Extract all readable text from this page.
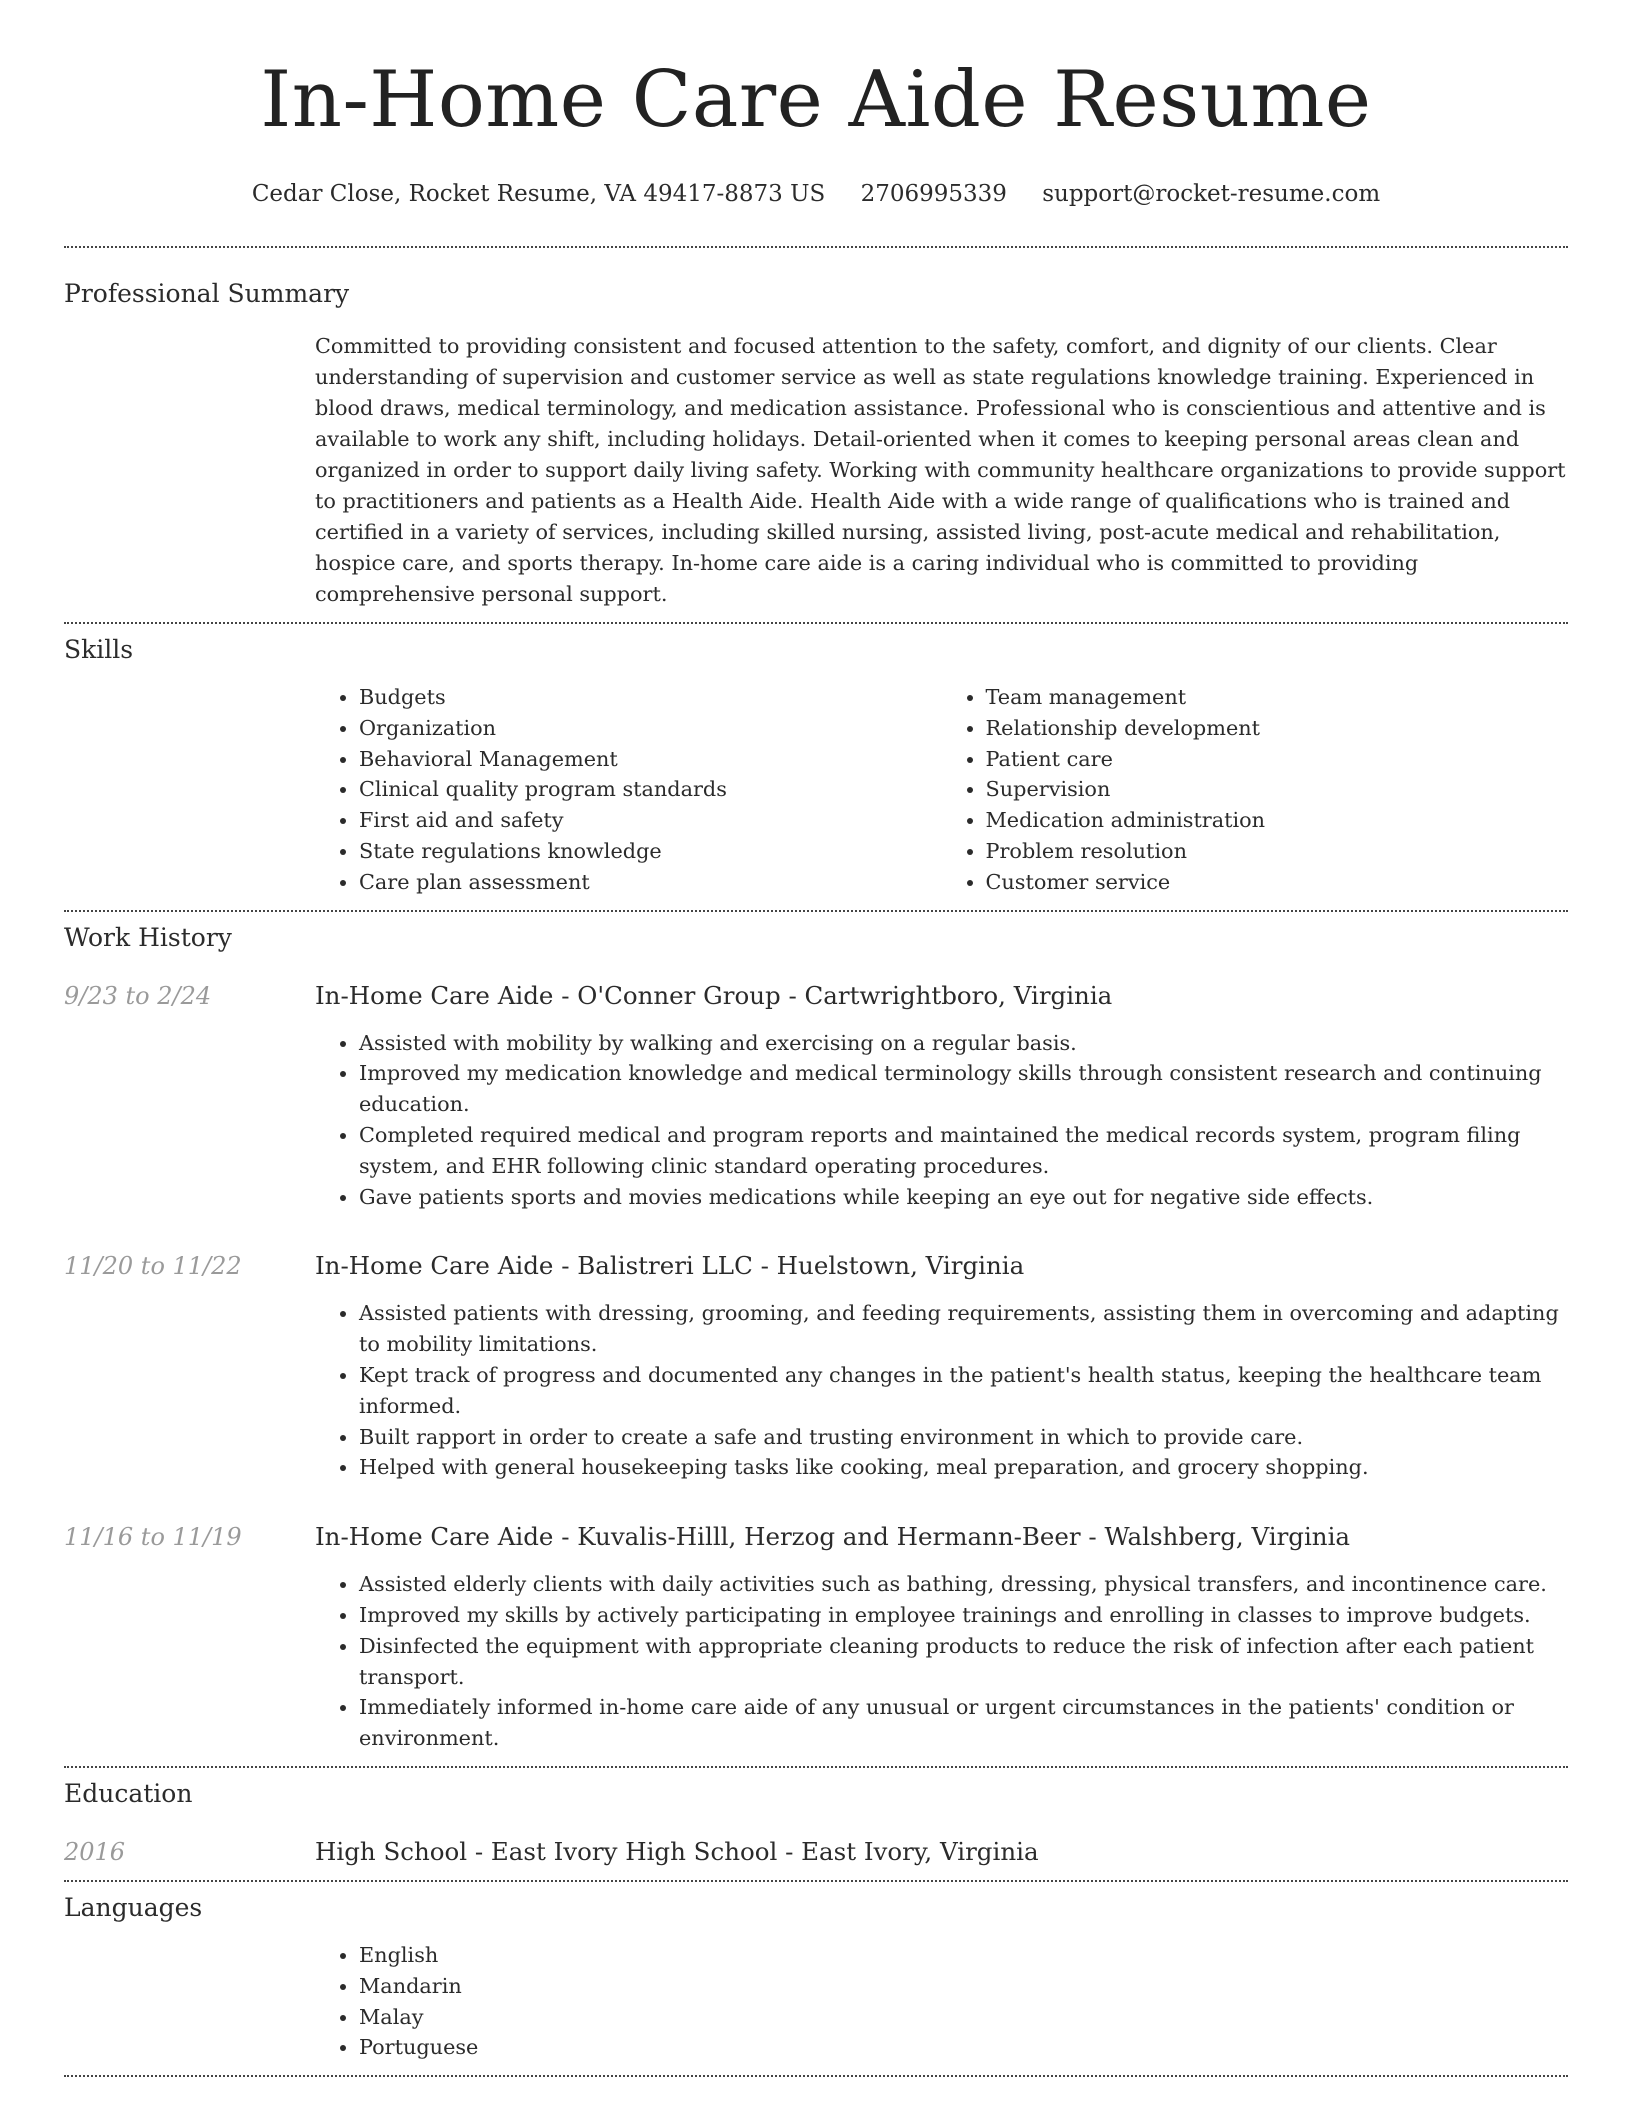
In-Home Care Aide Resume
Cedar Close, Rocket Resume, VA 49417-8873 US 2706995339 support@rocket-resume.com
Professional Summary

Committed to providing consistent and focused attention to the safety, comfort, and dignity of our clients. Clear understanding of supervision and customer service as well as state regulations knowledge training. Experienced in blood draws, medical terminology, and medication assistance. Professional who is conscientious and attentive and is available to work any shift, including holidays. Detail-oriented when it comes to keeping personal areas clean and organized in order to support daily living safety. Working with community healthcare organizations to provide support to practitioners and patients as a Health Aide. Health Aide with a wide range of qualifications who is trained and certified in a variety of services, including skilled nursing, assisted living, post-acute medical and rehabilitation, hospice care, and sports therapy. In-home care aide is a caring individual who is committed to providing comprehensive personal support.

Skills
• Budgets
• Organization
• Behavioral Management
• Clinical quality program standards
• First aid and safety
• State regulations knowledge
• Care plan assessment
• Team management
• Relationship development
• Patient care
• Supervision
• Medication administration
• Problem resolution
• Customer service
Work History
9/23 to 2/24	In-Home Care Aide - O'Conner Group - Cartwrightboro, Virginia
• Assisted with mobility by walking and exercising on a regular basis.
• Improved my medication knowledge and medical terminology skills through consistent research and continuing education.
• Completed required medical and program reports and maintained the medical records system, program filing system, and EHR following clinic standard operating procedures.
• Gave patients sports and movies medications while keeping an eye out for negative side effects.
11/20 to 11/22	In-Home Care Aide - Balistreri LLC - Huelstown, Virginia
• Assisted patients with dressing, grooming, and feeding requirements, assisting them in overcoming and adapting to mobility limitations.
• Kept track of progress and documented any changes in the patient's health status, keeping the healthcare team informed.
• Built rapport in order to create a safe and trusting environment in which to provide care.
• Helped with general housekeeping tasks like cooking, meal preparation, and grocery shopping.
11/16 to 11/19	In-Home Care Aide - Kuvalis-Hilll, Herzog and Hermann-Beer - Walshberg, Virginia
• Assisted elderly clients with daily activities such as bathing, dressing, physical transfers, and incontinence care.
• Improved my skills by actively participating in employee trainings and enrolling in classes to improve budgets.
• Disinfected the equipment with appropriate cleaning products to reduce the risk of infection after each patient transport.
• Immediately informed in-home care aide of any unusual or urgent circumstances in the patients' condition or environment.
Education
2016	High School - East Ivory High School - East Ivory, Virginia
Languages
• English
• Mandarin
• Malay
• Portuguese
